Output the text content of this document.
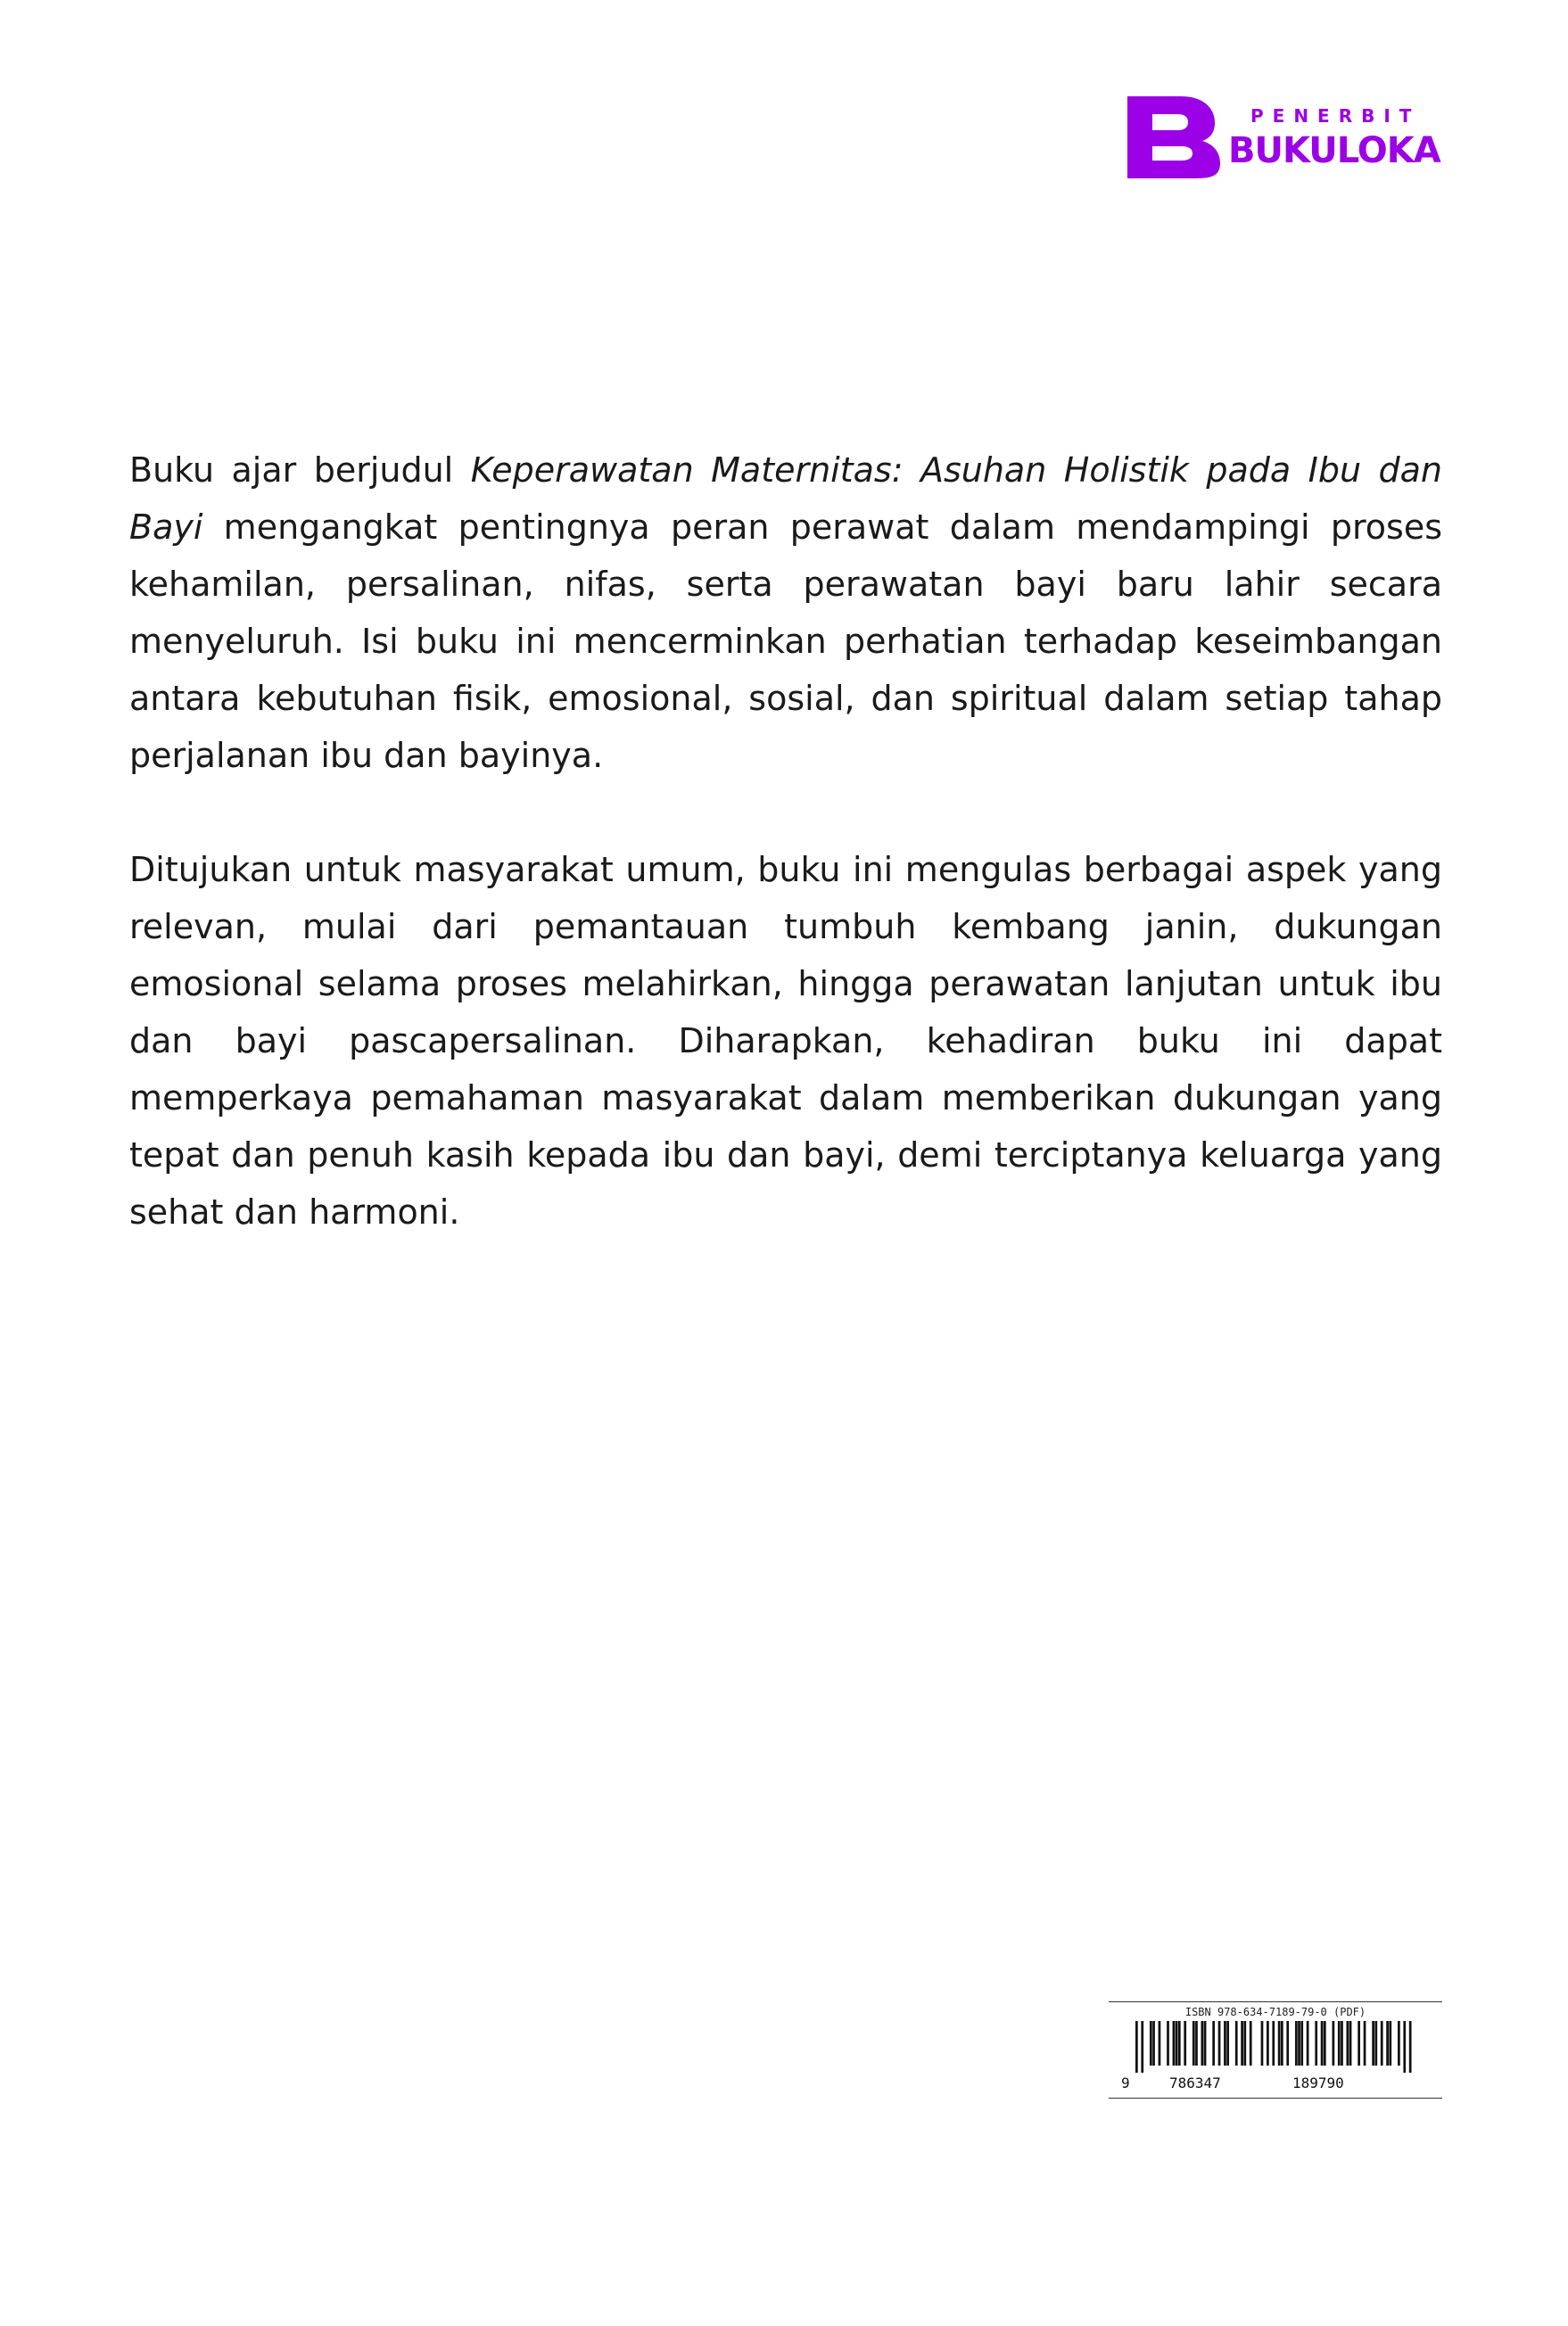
PENERBIT
BUKULOKA

Buku ajar berjudul Keperawatan Maternitas: Asuhan Holistik pada Ibu dan Bayi mengangkat pentingnya peran perawat dalam mendampingi proses kehamilan, persalinan, nifas, serta perawatan bayi baru lahir secara menyeluruh. Isi buku ini mencerminkan perhatian terhadap keseimbangan antara kebutuhan fisik, emosional, sosial, dan spiritual dalam setiap tahap perjalanan ibu dan bayinya.

Ditujukan untuk masyarakat umum, buku ini mengulas berbagai aspek yang relevan, mulai dari pemantauan tumbuh kembang janin, dukungan emosional selama proses melahirkan, hingga perawatan lanjutan untuk ibu dan bayi pascapersalinan. Diharapkan, kehadiran buku ini dapat memperkaya pemahaman masyarakat dalam memberikan dukungan yang tepat dan penuh kasih kepada ibu dan bayi, demi terciptanya keluarga yang sehat dan harmoni.

ISBN 978-634-7189-79-0 (PDF)
9	786347	189790
